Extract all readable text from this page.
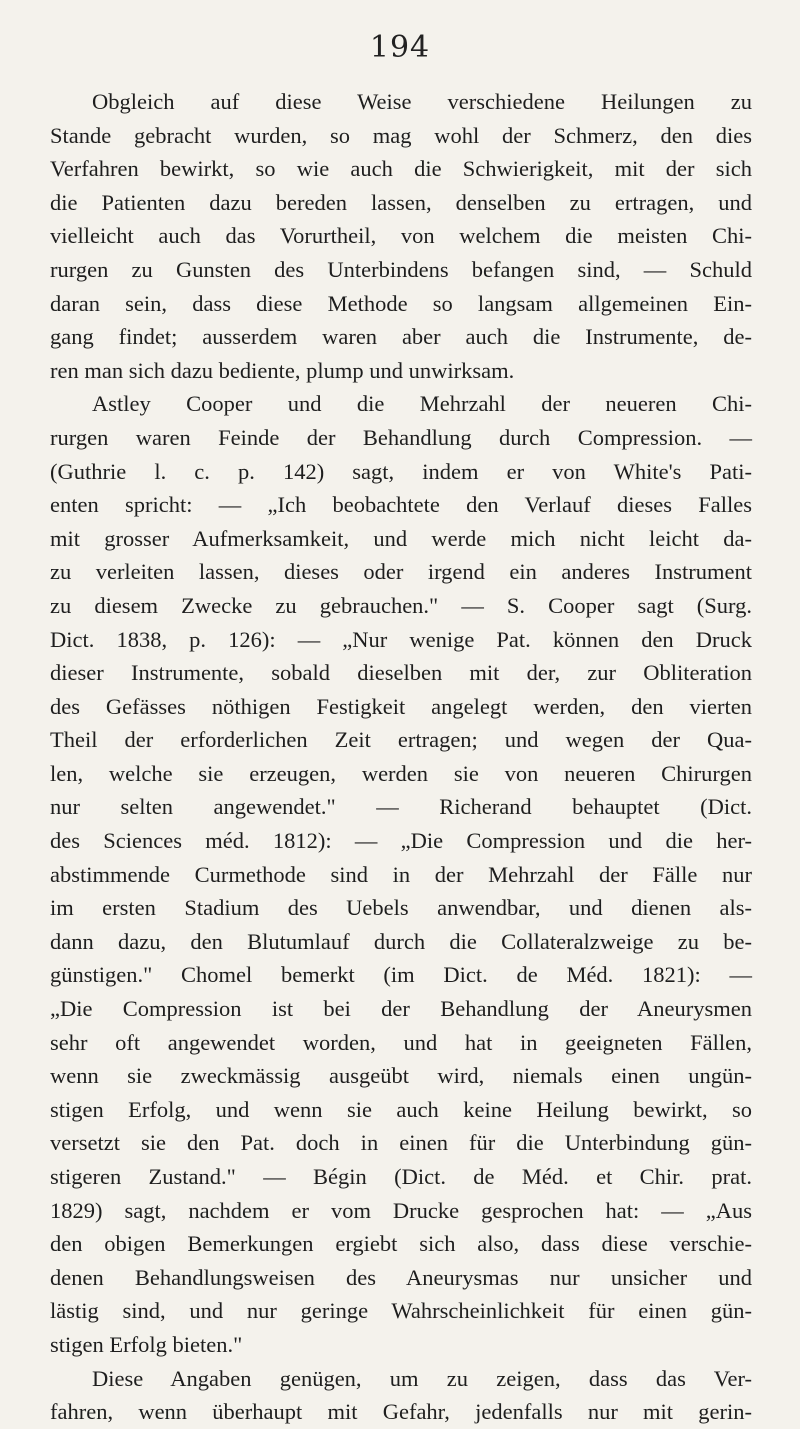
194
Obgleich auf diese Weise verschiedene Heilungen zu
Stande gebracht wurden, so mag wohl der Schmerz, den dies
Verfahren bewirkt, so wie auch die Schwierigkeit, mit der sich
die Patienten dazu bereden lassen, denselben zu ertragen, und
vielleicht auch das Vorurtheil, von welchem die meisten Chi-
rurgen zu Gunsten des Unterbindens befangen sind, — Schuld
daran sein, dass diese Methode so langsam allgemeinen Ein-
gang findet; ausserdem waren aber auch die Instrumente, de-
ren man sich dazu bediente, plump und unwirksam.
Astley Cooper und die Mehrzahl der neueren Chi-
rurgen waren Feinde der Behandlung durch Compression. —
(Guthrie l. c. p. 142) sagt, indem er von White's Pati-
enten spricht: — „Ich beobachtete den Verlauf dieses Falles
mit grosser Aufmerksamkeit, und werde mich nicht leicht da-
zu verleiten lassen, dieses oder irgend ein anderes Instrument
zu diesem Zwecke zu gebrauchen." — S. Cooper sagt (Surg.
Dict. 1838, p. 126): — „Nur wenige Pat. können den Druck
dieser Instrumente, sobald dieselben mit der, zur Obliteration
des Gefässes nöthigen Festigkeit angelegt werden, den vierten
Theil der erforderlichen Zeit ertragen; und wegen der Qua-
len, welche sie erzeugen, werden sie von neueren Chirurgen
nur selten angewendet." — Richerand behauptet (Dict.
des Sciences méd. 1812): — „Die Compression und die her-
abstimmende Curmethode sind in der Mehrzahl der Fälle nur
im ersten Stadium des Uebels anwendbar, und dienen als-
dann dazu, den Blutumlauf durch die Collateralzweige zu be-
günstigen." Chomel bemerkt (im Dict. de Méd. 1821): —
„Die Compression ist bei der Behandlung der Aneurysmen
sehr oft angewendet worden, und hat in geeigneten Fällen,
wenn sie zweckmässig ausgeübt wird, niemals einen ungün-
stigen Erfolg, und wenn sie auch keine Heilung bewirkt, so
versetzt sie den Pat. doch in einen für die Unterbindung gün-
stigeren Zustand." — Bégin (Dict. de Méd. et Chir. prat.
1829) sagt, nachdem er vom Drucke gesprochen hat: — „Aus
den obigen Bemerkungen ergiebt sich also, dass diese verschie-
denen Behandlungsweisen des Aneurysmas nur unsicher und
lästig sind, und nur geringe Wahrscheinlichkeit für einen gün-
stigen Erfolg bieten."
Diese Angaben genügen, um zu zeigen, dass das Ver-
fahren, wenn überhaupt mit Gefahr, jedenfalls nur mit gerin-
